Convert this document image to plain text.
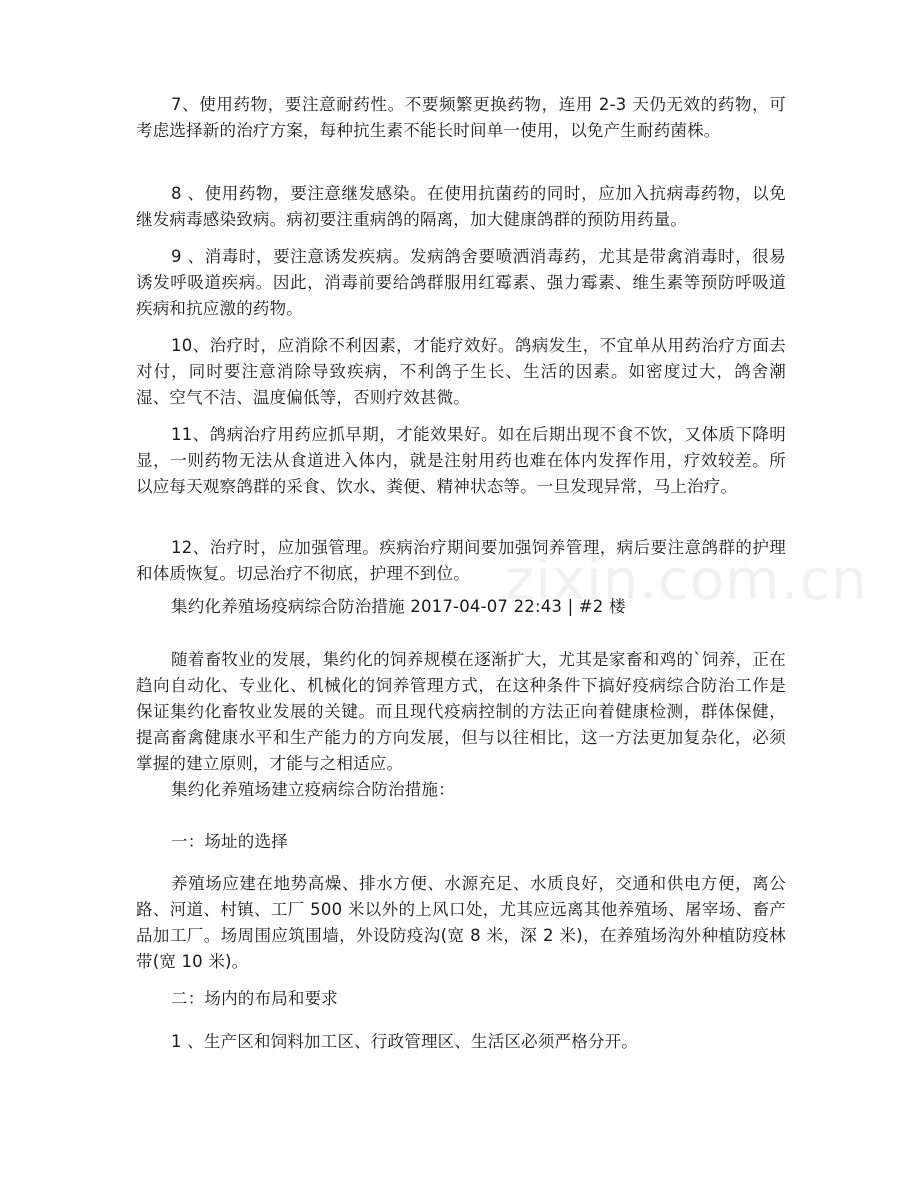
7、使用药物，要注意耐药性。不要频繁更换药物，连用 2-3 天仍无效的药物，可考虑选择新的治疗方案，每种抗生素不能长时间单一使用，以免产生耐药菌株。

8 、使用药物，要注意继发感染。在使用抗菌药的同时，应加入抗病毒药物，以免继发病毒感染致病。病初要注重病鸽的隔离，加大健康鸽群的预防用药量。

9 、消毒时，要注意诱发疾病。发病鸽舍要喷洒消毒药，尤其是带禽消毒时，很易诱发呼吸道疾病。因此，消毒前要给鸽群服用红霉素、强力霉素、维生素等预防呼吸道疾病和抗应激的药物。

10、治疗时，应消除不利因素，才能疗效好。鸽病发生，不宜单从用药治疗方面去对付，同时要注意消除导致疾病，不利鸽子生长、生活的因素。如密度过大，鸽舍潮湿、空气不洁、温度偏低等，否则疗效甚微。

11、鸽病治疗用药应抓早期，才能效果好。如在后期出现不食不饮，又体质下降明显，一则药物无法从食道进入体内，就是注射用药也难在体内发挥作用，疗效较差。所以应每天观察鸽群的采食、饮水、粪便、精神状态等。一旦发现异常，马上治疗。

12、治疗时，应加强管理。疾病治疗期间要加强饲养管理，病后要注意鸽群的护理和体质恢复。切忌治疗不彻底，护理不到位。

集约化养殖场疫病综合防治措施 2017-04-07 22:43 | #2 楼

随着畜牧业的发展，集约化的饲养规模在逐渐扩大，尤其是家畜和鸡的`饲养，正在趋向自动化、专业化、机械化的饲养管理方式，在这种条件下搞好疫病综合防治工作是保证集约化畜牧业发展的关键。而且现代疫病控制的方法正向着健康检测，群体保健，提高畜禽健康水平和生产能力的方向发展，但与以往相比，这一方法更加复杂化，必须掌握的建立原则，才能与之相适应。

集约化养殖场建立疫病综合防治措施：

一：场址的选择

养殖场应建在地势高燥、排水方便、水源充足、水质良好，交通和供电方便，离公路、河道、村镇、工厂 500 米以外的上风口处，尤其应远离其他养殖场、屠宰场、畜产品加工厂。场周围应筑围墙，外设防疫沟(宽 8 米，深 2 米)，在养殖场沟外种植防疫林带(宽 10 米)。

二：场内的布局和要求

1 、生产区和饲料加工区、行政管理区、生活区必须严格分开。

zixin.com.cn
